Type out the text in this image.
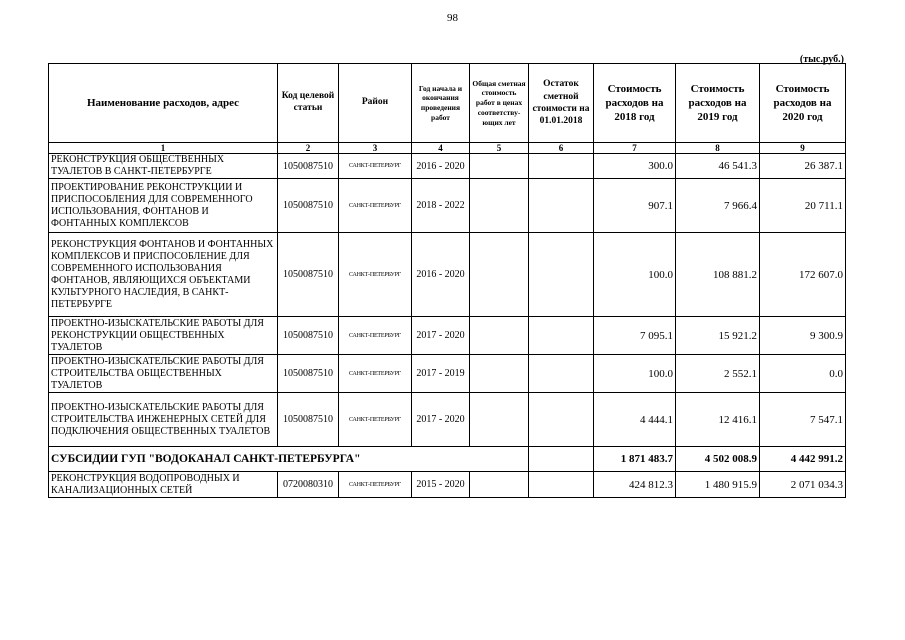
98
(тыс.руб.)
Наименование расходов, адрес	Код целевой статьи	Район	Год начала и окончания проведения работ	Общая сметная стоимость работ в ценах соответству-ющих лет	Остаток сметной стоимости на 01.01.2018	Стоимость расходов на 2018 год	Стоимость расходов на 2019 год	Стоимость расходов на 2020 год
1	2	3	4	5	6	7	8	9
РЕКОНСТРУКЦИЯ ОБЩЕСТВЕННЫХ ТУАЛЕТОВ В САНКТ-ПЕТЕРБУРГЕ	1050087510	САНКТ-ПЕТЕРБУРГ	2016 - 2020			300.0	46 541.3	26 387.1
ПРОЕКТИРОВАНИЕ РЕКОНСТРУКЦИИ И ПРИСПОСОБЛЕНИЯ ДЛЯ СОВРЕМЕННОГО ИСПОЛЬЗОВАНИЯ, ФОНТАНОВ И ФОНТАННЫХ КОМПЛЕКСОВ	1050087510	САНКТ-ПЕТЕРБУРГ	2018 - 2022			907.1	7 966.4	20 711.1
РЕКОНСТРУКЦИЯ ФОНТАНОВ И ФОНТАННЫХ КОМПЛЕКСОВ И ПРИСПОСОБЛЕНИЕ ДЛЯ СОВРЕМЕННОГО ИСПОЛЬЗОВАНИЯ ФОНТАНОВ, ЯВЛЯЮЩИХСЯ ОБЪЕКТАМИ КУЛЬТУРНОГО НАСЛЕДИЯ, В САНКТ-ПЕТЕРБУРГЕ	1050087510	САНКТ-ПЕТЕРБУРГ	2016 - 2020			100.0	108 881.2	172 607.0
ПРОЕКТНО-ИЗЫСКАТЕЛЬСКИЕ РАБОТЫ ДЛЯ РЕКОНСТРУКЦИИ ОБЩЕСТВЕННЫХ ТУАЛЕТОВ	1050087510	САНКТ-ПЕТЕРБУРГ	2017 - 2020			7 095.1	15 921.2	9 300.9
ПРОЕКТНО-ИЗЫСКАТЕЛЬСКИЕ РАБОТЫ ДЛЯ СТРОИТЕЛЬСТВА ОБЩЕСТВЕННЫХ ТУАЛЕТОВ	1050087510	САНКТ-ПЕТЕРБУРГ	2017 - 2019			100.0	2 552.1	0.0
ПРОЕКТНО-ИЗЫСКАТЕЛЬСКИЕ РАБОТЫ ДЛЯ СТРОИТЕЛЬСТВА ИНЖЕНЕРНЫХ СЕТЕЙ ДЛЯ ПОДКЛЮЧЕНИЯ ОБЩЕСТВЕННЫХ ТУАЛЕТОВ	1050087510	САНКТ-ПЕТЕРБУРГ	2017 - 2020			4 444.1	12 416.1	7 547.1
СУБСИДИИ ГУП "ВОДОКАНАЛ САНКТ-ПЕТЕРБУРГА"						1 871 483.7	4 502 008.9	4 442 991.2
РЕКОНСТРУКЦИЯ ВОДОПРОВОДНЫХ И КАНАЛИЗАЦИОННЫХ СЕТЕЙ	0720080310	САНКТ-ПЕТЕРБУРГ	2015 - 2020			424 812.3	1 480 915.9	2 071 034.3
